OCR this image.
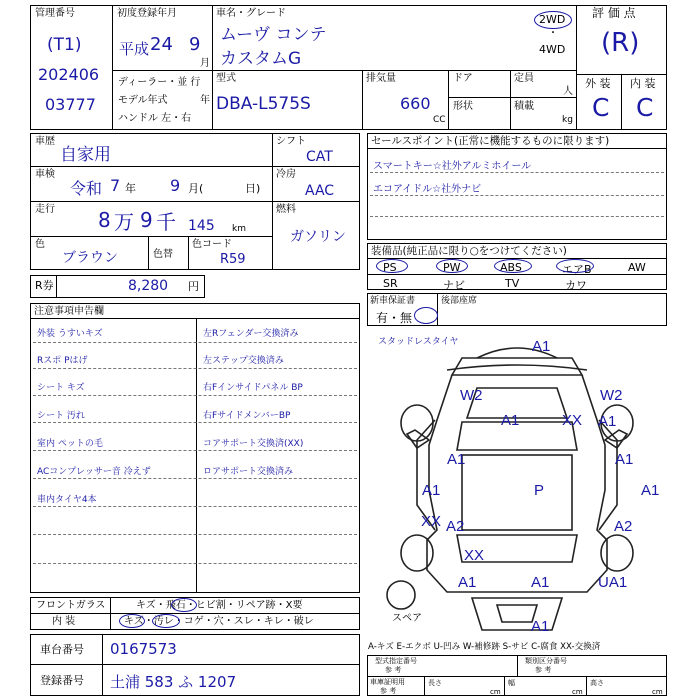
管理番号
(T1)
202406
03777
初度登録年月
平成 24 9
月
車名・グレード
ムーヴ コンテ
カスタムG
2WD
・
4WD
評 価 点
(R)
外 装 内 装
C C
ディーラー・並 行
モデル年式	年
ハンドル 左・右
型式
DBA-L575S
排気量
660
CC
ドア
形状
定員
人
積載
kg
車歴
自家用
車検
令和 7 年 9 月(	日)
走行 8 万 9 千 145 km
色
ブラウン	色替
色コード
R59
シフト
CAT
冷房
AAC
燃料
ガソリン
R券	8,280 円
セールスポイント(正常に機能するものに限ります)
スマートキー☆社外アルミホイール
エコアイドル☆社外ナビ
装備品(純正品に限り○をつけてください)
PS	PW	ABS	エアB	AW
SR	ナビ	TV	カワ
新車保証書
有・無
後部座席
注意事項申告欄
外装 うすいキズ
Rスポ Pはげ
シート キズ
シート 汚れ
室内 ペットの毛
ACコンプレッサー音 冷えず
車内タイヤ4本
左Rフェンダー交換済み
左ステップ交換済み
右Fインサイドパネル BP
右FサイドメンバーBP
コアサポート交換済(XX)
ロアサポート交換済み
スタッドレスタイヤ
スペア
A1
W2
A1	XX
W2
A1
A1	A1
A1	P	A1
XX A2	A2
XX
A1	A1	UA1
A1
フロントガラス	キズ・飛石・ヒビ割・リペア跡・X要
内 装	キズ・汚レ・コゲ・穴・スレ・キレ・破レ
車台番号 0167573
登録番号 土浦 583 ふ 1207
A-キズ E-エクボ U-凹み W-補修跡 S-サビ C-腐食 XX-交換済
型式指定番号
参 考
類別区分番号
参 考
車庫証明用
参 考
長さ
cm
幅
cm
高さ
cm
